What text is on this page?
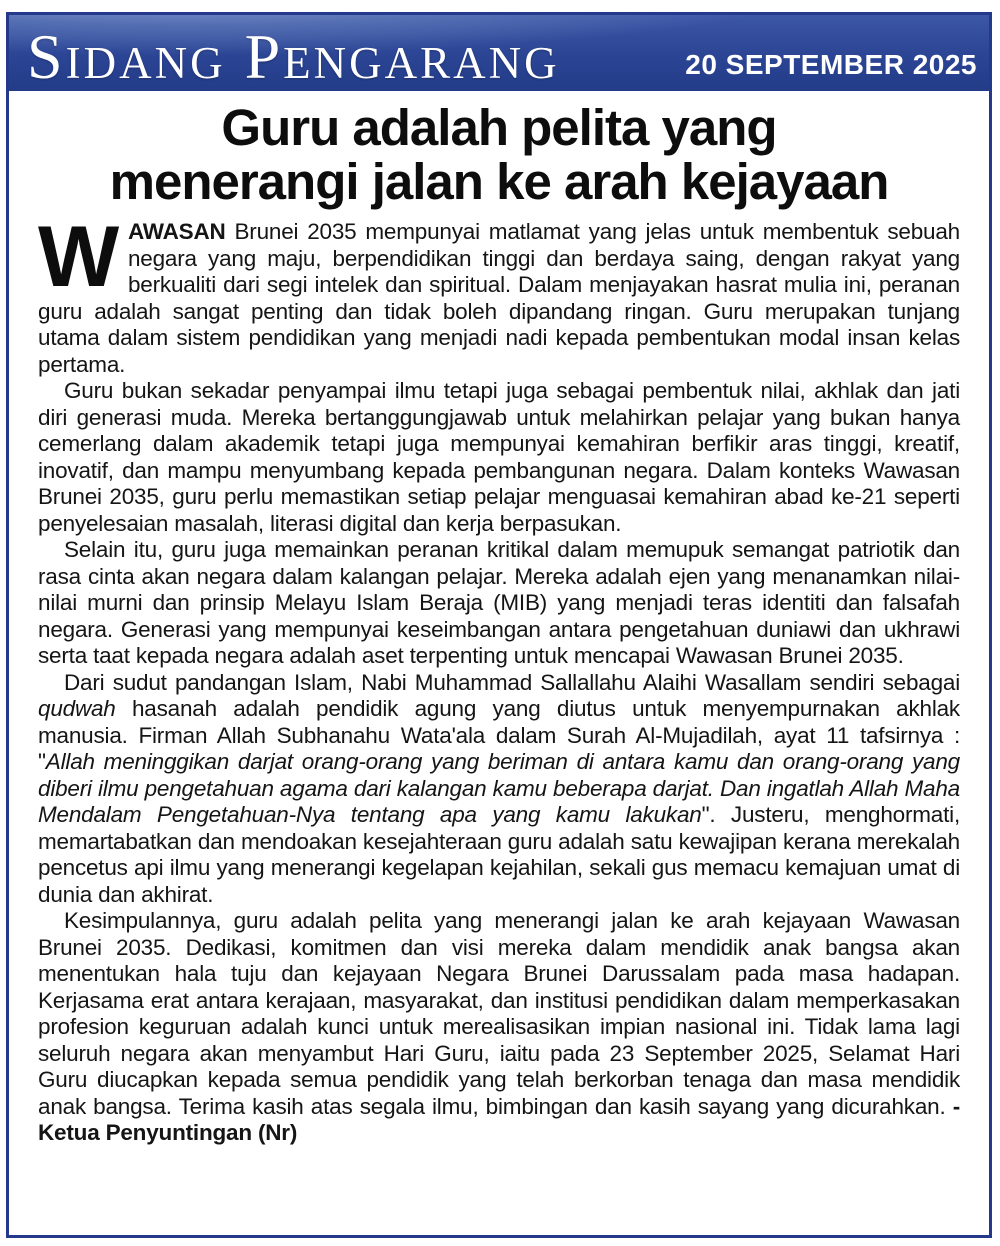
Sidang Pengarang	20 SEPTEMBER 2025
Guru adalah pelita yang
menerangi jalan ke arah kejayaan

WAWASAN Brunei 2035 mempunyai matlamat yang jelas untuk membentuk sebuah negara yang maju, berpendidikan tinggi dan berdaya saing, dengan rakyat yang berkualiti dari segi intelek dan spiritual. Dalam menjayakan hasrat mulia ini, peranan guru adalah sangat penting dan tidak boleh dipandang ringan. Guru merupakan tunjang utama dalam sistem pendidikan yang menjadi nadi kepada pembentukan modal insan kelas pertama.

Guru bukan sekadar penyampai ilmu tetapi juga sebagai pembentuk nilai, akhlak dan jati diri generasi muda. Mereka bertanggungjawab untuk melahirkan pelajar yang bukan hanya cemerlang dalam akademik tetapi juga mempunyai kemahiran berfikir aras tinggi, kreatif, inovatif, dan mampu menyumbang kepada pembangunan negara. Dalam konteks Wawasan Brunei 2035, guru perlu memastikan setiap pelajar menguasai kemahiran abad ke-21 seperti penyelesaian masalah, literasi digital dan kerja berpasukan.

Selain itu, guru juga memainkan peranan kritikal dalam memupuk semangat patriotik dan rasa cinta akan negara dalam kalangan pelajar. Mereka adalah ejen yang menanamkan nilai-nilai murni dan prinsip Melayu Islam Beraja (MIB) yang menjadi teras identiti dan falsafah negara. Generasi yang mempunyai keseimbangan antara pengetahuan duniawi dan ukhrawi serta taat kepada negara adalah aset terpenting untuk mencapai Wawasan Brunei 2035.

Dari sudut pandangan Islam, Nabi Muhammad Sallallahu Alaihi Wasallam sendiri sebagai qudwah hasanah adalah pendidik agung yang diutus untuk menyempurnakan akhlak manusia. Firman Allah Subhanahu Wata'ala dalam Surah Al-Mujadilah, ayat 11 tafsirnya : "Allah meninggikan darjat orang-orang yang beriman di antara kamu dan orang-orang yang diberi ilmu pengetahuan agama dari kalangan kamu beberapa darjat. Dan ingatlah Allah Maha Mendalam Pengetahuan-Nya tentang apa yang kamu lakukan". Justeru, menghormati, memartabatkan dan mendoakan kesejahteraan guru adalah satu kewajipan kerana merekalah pencetus api ilmu yang menerangi kegelapan kejahilan, sekali gus memacu kemajuan umat di dunia dan akhirat.

Kesimpulannya, guru adalah pelita yang menerangi jalan ke arah kejayaan Wawasan Brunei 2035. Dedikasi, komitmen dan visi mereka dalam mendidik anak bangsa akan menentukan hala tuju dan kejayaan Negara Brunei Darussalam pada masa hadapan. Kerjasama erat antara kerajaan, masyarakat, dan institusi pendidikan dalam memperkasakan profesion keguruan adalah kunci untuk merealisasikan impian nasional ini. Tidak lama lagi seluruh negara akan menyambut Hari Guru, iaitu pada 23 September 2025, Selamat Hari Guru diucapkan kepada semua pendidik yang telah berkorban tenaga dan masa mendidik anak bangsa. Terima kasih atas segala ilmu, bimbingan dan kasih sayang yang dicurahkan. - Ketua Penyuntingan (Nr)
